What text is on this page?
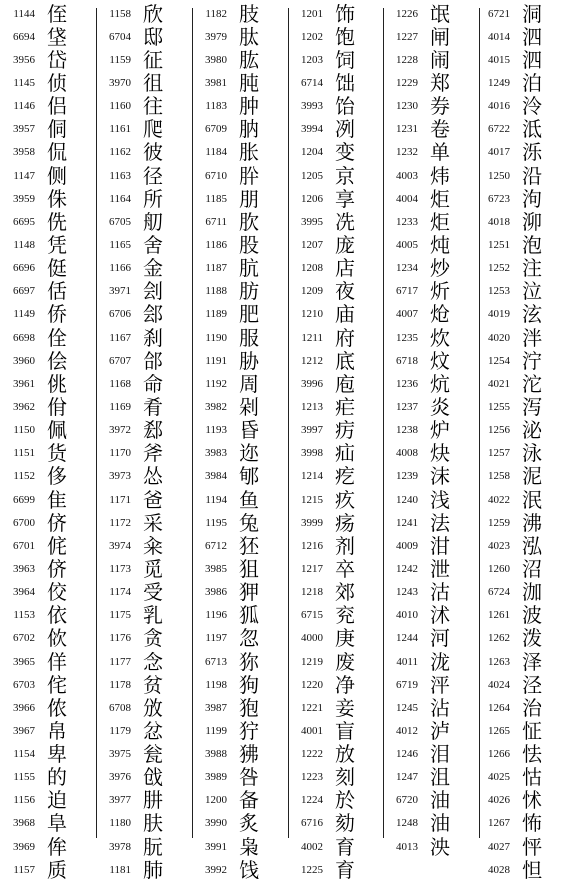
1144 侄
6694 垡
3956 岱
1145 侦
1146 侣
3957 侗
3958 侃
1147 侧
3959 侏
6695 侁
1148 凭
6696 侹
6697 佸
1149 侨
6698 佺
3960 侩
3961 佻
3962 佾
1150 佩
1151 货
1152 侈
6699 隹
6700 侪
6701 侂
3963 侪
3964 佼
1153 依
6702 佽
3965 佯
6703 侘
3966 侬
3967 帛
1154 卑
1155 的
1156 迫
3968 阜
3969 侔
1157 质
1158 欣
6704 邸
1159 征
3970 徂
1160 往
1161 爬
1162 彼
1163 径
1164 所
6705 舠
1165 舍
1166 金
3971 刽
6706 郐
1167 刹
6707 郃
1168 命
1169 肴
3972 郄
1170 斧
3973 怂
1171 爸
1172 采
3974 籴
1173 觅
1174 受
1175 乳
1176 贪
1177 念
1178 贫
6708 攽
1179 忿
3975 瓮
3976 戗
3977 肼
1180 肤
3978 朊
1181 肺
1182 肢
3979 肽
3980 肱
3981 肫
1183 肿
6709 肭
1184 胀
6710 肸
1185 朋
6711 肷
1186 股
1187 肮
1188 肪
1189 肥
1190 服
1191 胁
1192 周
3982 剁
1193 昏
3983 迩
3984 郇
1194 鱼
1195 兔
6712 狉
3985 狙
3986 狎
1196 狐
1197 忽
6713 狝
1198 狗
3987 狍
1199 狞
3988 狒
3989 咎
1200 备
3990 炙
3991 枭
3992 饯
1201 饰
1202 饱
1203 饲
6714 饳
3993 饴
3994 冽
1204 变
1205 京
1206 享
3995 冼
1207 庞
1208 店
1209 夜
1210 庙
1211 府
1212 底
3996 庖
1213 疟
3997 疠
3998 疝
1214 疙
1215 疚
3999 疡
1216 剂
1217 卒
1218 郊
6715 兖
4000 庚
1219 废
1220 净
1221 妾
4001 盲
1222 放
1223 刻
1224 於
6716 劾
4002 育
1225 育
1226 氓
1227 闸
1228 闹
1229 郑
1230 券
1231 卷
1232 单
4003 炜
4004 炬
1233 炬
4005 炖
1234 炒
6717 炘
4007 炝
1235 炊
6718 炆
1236 炕
1237 炎
1238 炉
4008 炔
1239 沫
1240 浅
1241 法
4009 泔
1242 泄
1243 沽
4010 沭
1244 河
4011 泷
6719 泙
1245 沾
4012 泸
1246 泪
1247 沮
6720 油
1248 油
4013 泱
6721 洞
4014 泗
4015 泗
1249 泊
4016 泠
6722 泜
4017 泺
1250 沿
6723 泃
4018 泖
1251 泡
1252 注
1253 泣
4019 泫
4020 泮
1254 泞
4021 沱
1255 泻
1256 泌
1257 泳
1258 泥
4022 泯
1259 沸
4023 泓
1260 沼
6724 泇
1261 波
1262 泼
1263 泽
4024 泾
1264 治
1265 怔
1266 怯
4025 怙
4026 怵
1267 怖
4027 怦
4028 怛
